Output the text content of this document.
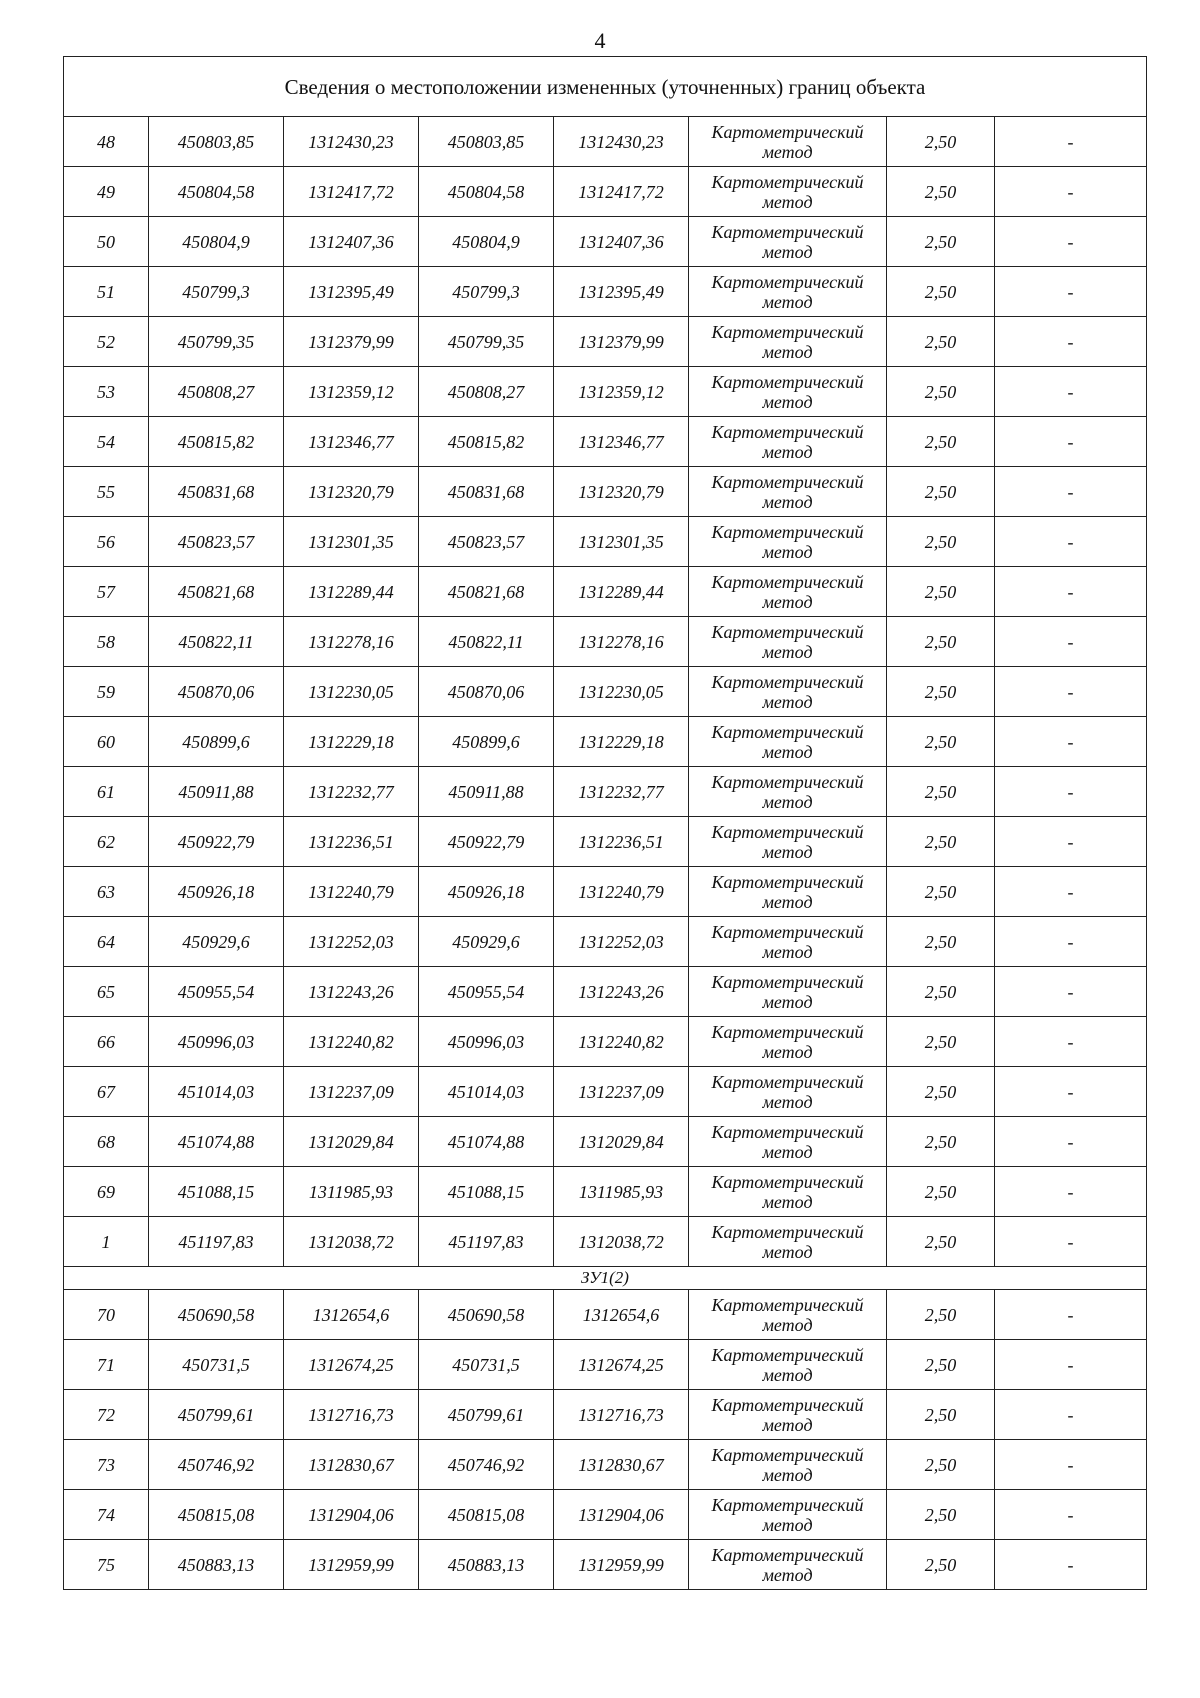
4
Сведения о местоположении измененных (уточненных) границ объекта							
48	450803,85	1312430,23	450803,85	1312430,23	Картометрический метод	2,50	-
49	450804,58	1312417,72	450804,58	1312417,72	Картометрический метод	2,50	-
50	450804,9	1312407,36	450804,9	1312407,36	Картометрический метод	2,50	-
51	450799,3	1312395,49	450799,3	1312395,49	Картометрический метод	2,50	-
52	450799,35	1312379,99	450799,35	1312379,99	Картометрический метод	2,50	-
53	450808,27	1312359,12	450808,27	1312359,12	Картометрический метод	2,50	-
54	450815,82	1312346,77	450815,82	1312346,77	Картометрический метод	2,50	-
55	450831,68	1312320,79	450831,68	1312320,79	Картометрический метод	2,50	-
56	450823,57	1312301,35	450823,57	1312301,35	Картометрический метод	2,50	-
57	450821,68	1312289,44	450821,68	1312289,44	Картометрический метод	2,50	-
58	450822,11	1312278,16	450822,11	1312278,16	Картометрический метод	2,50	-
59	450870,06	1312230,05	450870,06	1312230,05	Картометрический метод	2,50	-
60	450899,6	1312229,18	450899,6	1312229,18	Картометрический метод	2,50	-
61	450911,88	1312232,77	450911,88	1312232,77	Картометрический метод	2,50	-
62	450922,79	1312236,51	450922,79	1312236,51	Картометрический метод	2,50	-
63	450926,18	1312240,79	450926,18	1312240,79	Картометрический метод	2,50	-
64	450929,6	1312252,03	450929,6	1312252,03	Картометрический метод	2,50	-
65	450955,54	1312243,26	450955,54	1312243,26	Картометрический метод	2,50	-
66	450996,03	1312240,82	450996,03	1312240,82	Картометрический метод	2,50	-
67	451014,03	1312237,09	451014,03	1312237,09	Картометрический метод	2,50	-
68	451074,88	1312029,84	451074,88	1312029,84	Картометрический метод	2,50	-
69	451088,15	1311985,93	451088,15	1311985,93	Картометрический метод	2,50	-
1	451197,83	1312038,72	451197,83	1312038,72	Картометрический метод	2,50	-
ЗУ1(2)							
70	450690,58	1312654,6	450690,58	1312654,6	Картометрический метод	2,50	-
71	450731,5	1312674,25	450731,5	1312674,25	Картометрический метод	2,50	-
72	450799,61	1312716,73	450799,61	1312716,73	Картометрический метод	2,50	-
73	450746,92	1312830,67	450746,92	1312830,67	Картометрический метод	2,50	-
74	450815,08	1312904,06	450815,08	1312904,06	Картометрический метод	2,50	-
75	450883,13	1312959,99	450883,13	1312959,99	Картометрический метод	2,50	-
